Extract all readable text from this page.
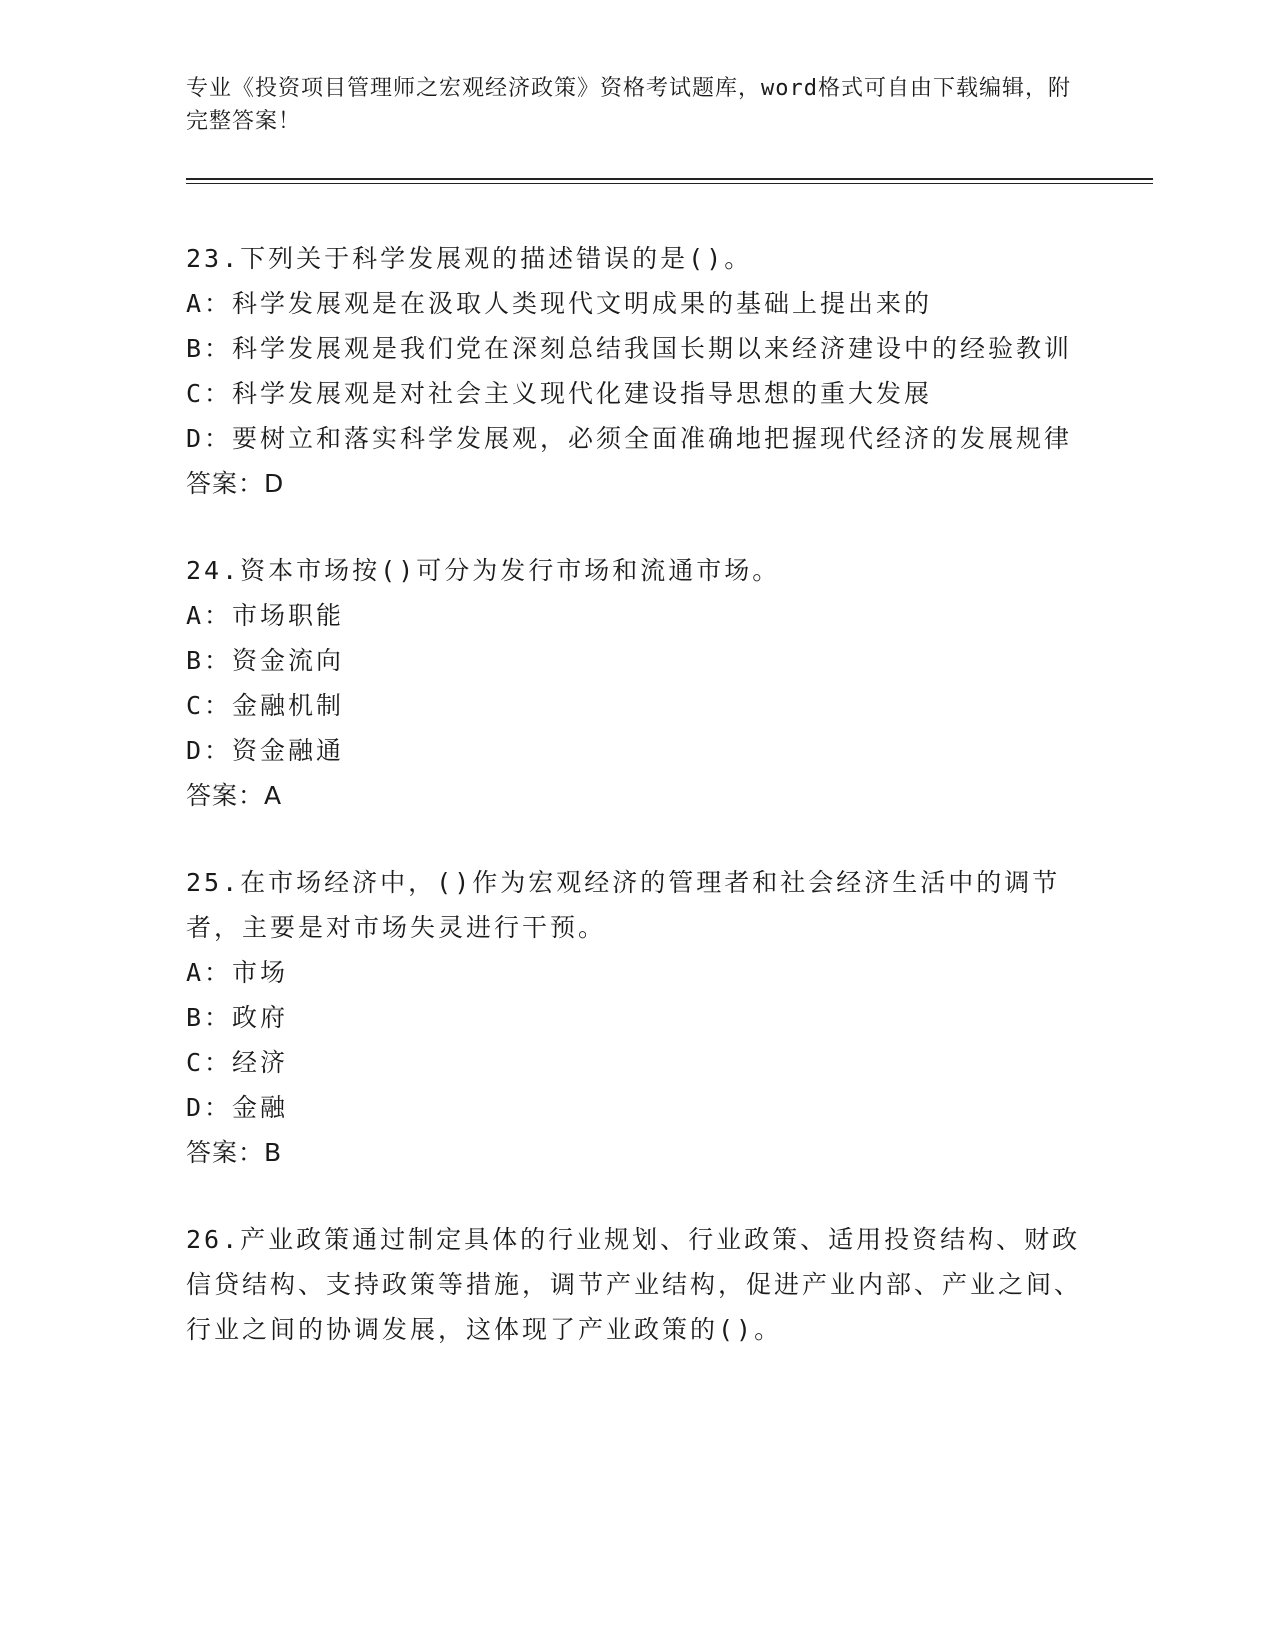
专业《投资项目管理师之宏观经济政策》资格考试题库，word格式可自由下载编辑，附完整答案！
23.下列关于科学发展观的描述错误的是()。
A：科学发展观是在汲取人类现代文明成果的基础上提出来的
B：科学发展观是我们党在深刻总结我国长期以来经济建设中的经验教训
C：科学发展观是对社会主义现代化建设指导思想的重大发展
D：要树立和落实科学发展观，必须全面准确地把握现代经济的发展规律
答案：D
24.资本市场按()可分为发行市场和流通市场。
A：市场职能
B：资金流向
C：金融机制
D：资金融通
答案：A
25.在市场经济中，()作为宏观经济的管理者和社会经济生活中的调节者，主要是对市场失灵进行干预。
A：市场
B：政府
C：经济
D：金融
答案：B
26.产业政策通过制定具体的行业规划、行业政策、适用投资结构、财政信贷结构、支持政策等措施，调节产业结构，促进产业内部、产业之间、行业之间的协调发展，这体现了产业政策的()。
